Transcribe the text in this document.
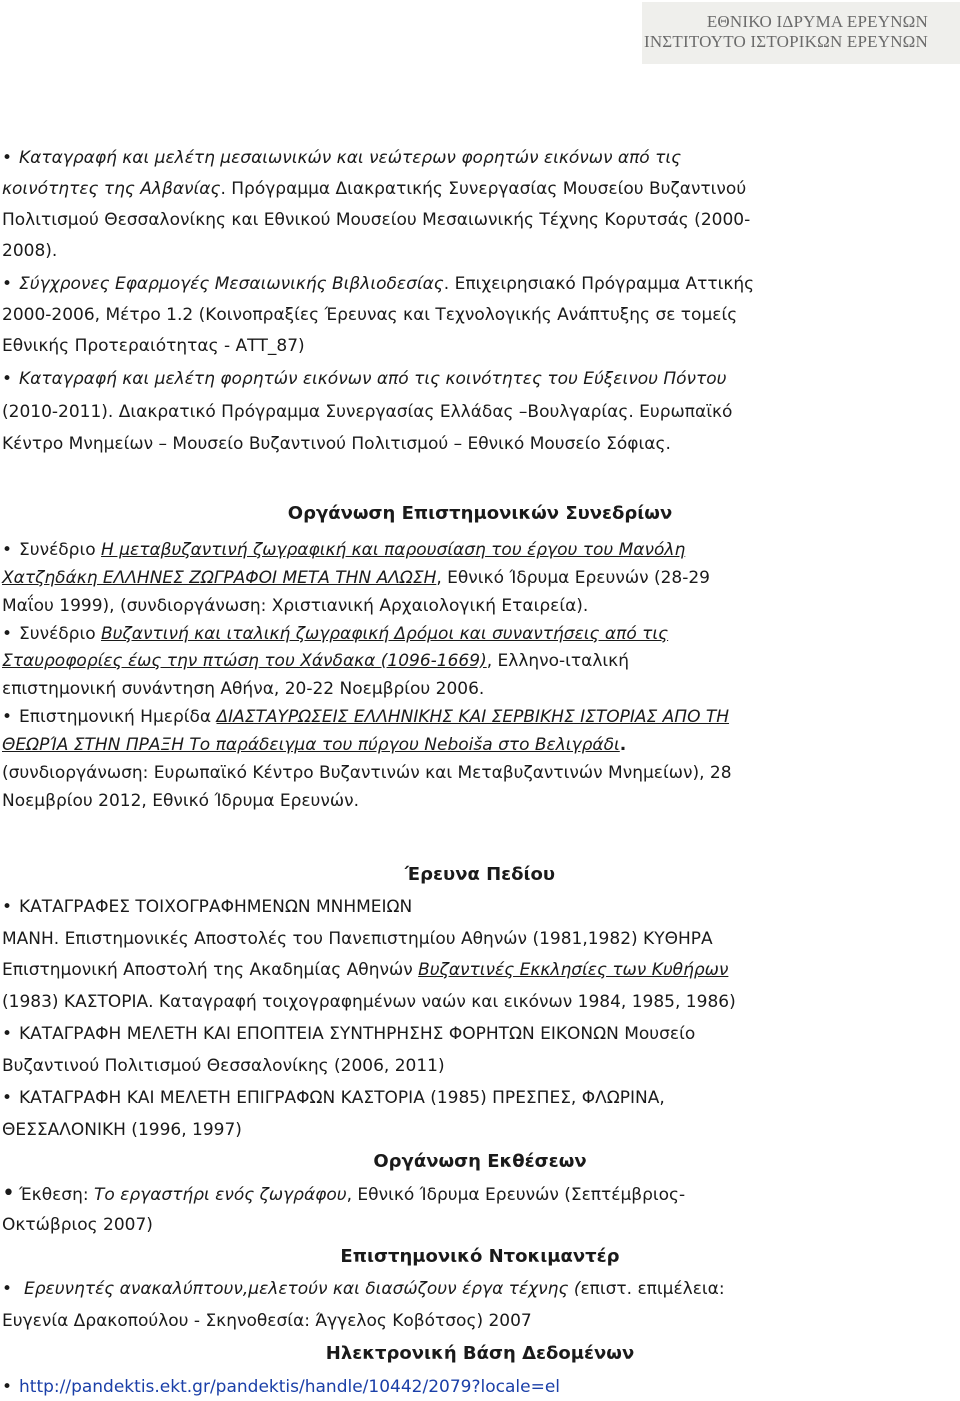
ΕΘΝΙΚΟ ΙΔΡΥΜΑ ΕΡΕΥΝΩΝ
ΙΝΣΤΙΤΟΥΤΟ ΙΣΤΟΡΙΚΩΝ ΕΡΕΥΝΩΝ
• Καταγραφή και μελέτη μεσαιωνικών και νεώτερων φορητών εικόνων από τις
κοινότητες της Αλβανίας. Πρόγραμμα Διακρατικής Συνεργασίας Μουσείου Βυζαντινού
Πολιτισμού Θεσσαλονίκης και Εθνικού Μουσείου Μεσαιωνικής Τέχνης Κορυτσάς (2000-
2008).
• Σύγχρονες Εφαρμογές Μεσαιωνικής Βιβλιοδεσίας. Επιχειρησιακό Πρόγραμμα Αττικής
2000-2006, Μέτρο 1.2 (Κοινοπραξίες Έρευνας και Τεχνολογικής Ανάπτυξης σε τομείς
Εθνικής Προτεραιότητας - ΑΤΤ_87)
• Καταγραφή και μελέτη φορητών εικόνων από τις κοινότητες του Εύξεινου Πόντου
(2010-2011). Διακρατικό Πρόγραμμα Συνεργασίας Ελλάδας –Βουλγαρίας. Ευρωπαϊκό
Κέντρο Μνημείων – Μουσείο Βυζαντινού Πολιτισμού – Εθνικό Μουσείο Σόφιας.
Οργάνωση Επιστημονικών Συνεδρίων
• Συνέδριο Η μεταβυζαντινή ζωγραφική και παρουσίαση του έργου του Μανόλη
Χατζηδάκη ΕΛΛΗΝΕΣ ΖΩΓΡΑΦΟΙ ΜΕΤΑ ΤΗΝ ΑΛΩΣΗ, Εθνικό Ίδρυμα Ερευνών (28-29
Μαΐου 1999), (συνδιοργάνωση: Χριστιανική Αρχαιολογική Εταιρεία).
• Συνέδριο Βυζαντινή και ιταλική ζωγραφική Δρόμοι και συναντήσεις από τις
Σταυροφορίες έως την πτώση του Χάνδακα (1096-1669), Ελληνο-ιταλική
επιστημονική συνάντηση Αθήνα, 20-22 Νοεμβρίου 2006.
• Επιστημονική Ημερίδα ΔΙΑΣΤΑΥΡΩΣΕΙΣ ΕΛΛΗΝΙΚΗΣ ΚΑΙ ΣΕΡΒΙΚΗΣ ΙΣΤΟΡΙΑΣ ΑΠΟ ΤΗ
ΘΕΩΡΊΑ ΣΤΗΝ ΠΡΑΞΗ Το παράδειγμα του πύργου Neboiša στο Βελιγράδι.
(συνδιοργάνωση: Ευρωπαϊκό Κέντρο Βυζαντινών και Μεταβυζαντινών Μνημείων), 28
Νοεμβρίου 2012, Εθνικό Ίδρυμα Ερευνών.
Έρευνα Πεδίου
• ΚΑΤΑΓΡΑΦΕΣ ΤΟΙΧΟΓΡΑΦΗΜΕΝΩΝ ΜΝΗΜΕΙΩΝ
ΜΑΝΗ. Επιστημονικές Αποστολές του Πανεπιστημίου Αθηνών (1981,1982) ΚΥΘΗΡΑ
Επιστημονική Αποστολή της Ακαδημίας Αθηνών Βυζαντινές Εκκλησίες των Κυθήρων
(1983) ΚΑΣΤΟΡΙΑ. Καταγραφή τοιχογραφημένων ναών και εικόνων 1984, 1985, 1986)
• ΚΑΤΑΓΡΑΦΗ ΜΕΛΕΤΗ ΚΑΙ ΕΠΟΠΤΕΙΑ ΣΥΝΤΗΡΗΣΗΣ ΦΟΡΗΤΩΝ ΕΙΚΟΝΩΝ Μουσείο
Βυζαντινού Πολιτισμού Θεσσαλονίκης (2006, 2011)
• ΚΑΤΑΓΡΑΦΗ ΚΑΙ ΜΕΛΕΤΗ ΕΠΙΓΡΑΦΩΝ ΚΑΣΤΟΡΙΑ (1985) ΠΡΕΣΠΕΣ, ΦΛΩΡΙΝΑ,
ΘΕΣΣΑΛΟΝΙΚΗ (1996, 1997)
Οργάνωση Εκθέσεων
• Έκθεση: Το εργαστήρι ενός ζωγράφου, Εθνικό Ίδρυμα Ερευνών (Σεπτέμβριος-
Οκτώβριος 2007)
Επιστημονικό Ντοκιμαντέρ
• Ερευνητές ανακαλύπτουν,μελετούν και διασώζουν έργα τέχνης (επιστ. επιμέλεια:
Ευγενία Δρακοπούλου - Σκηνοθεσία: Άγγελος Κοβότσος) 2007
Ηλεκτρονική Βάση Δεδομένων
• http://pandektis.ekt.gr/pandektis/handle/10442/2079?locale=el
